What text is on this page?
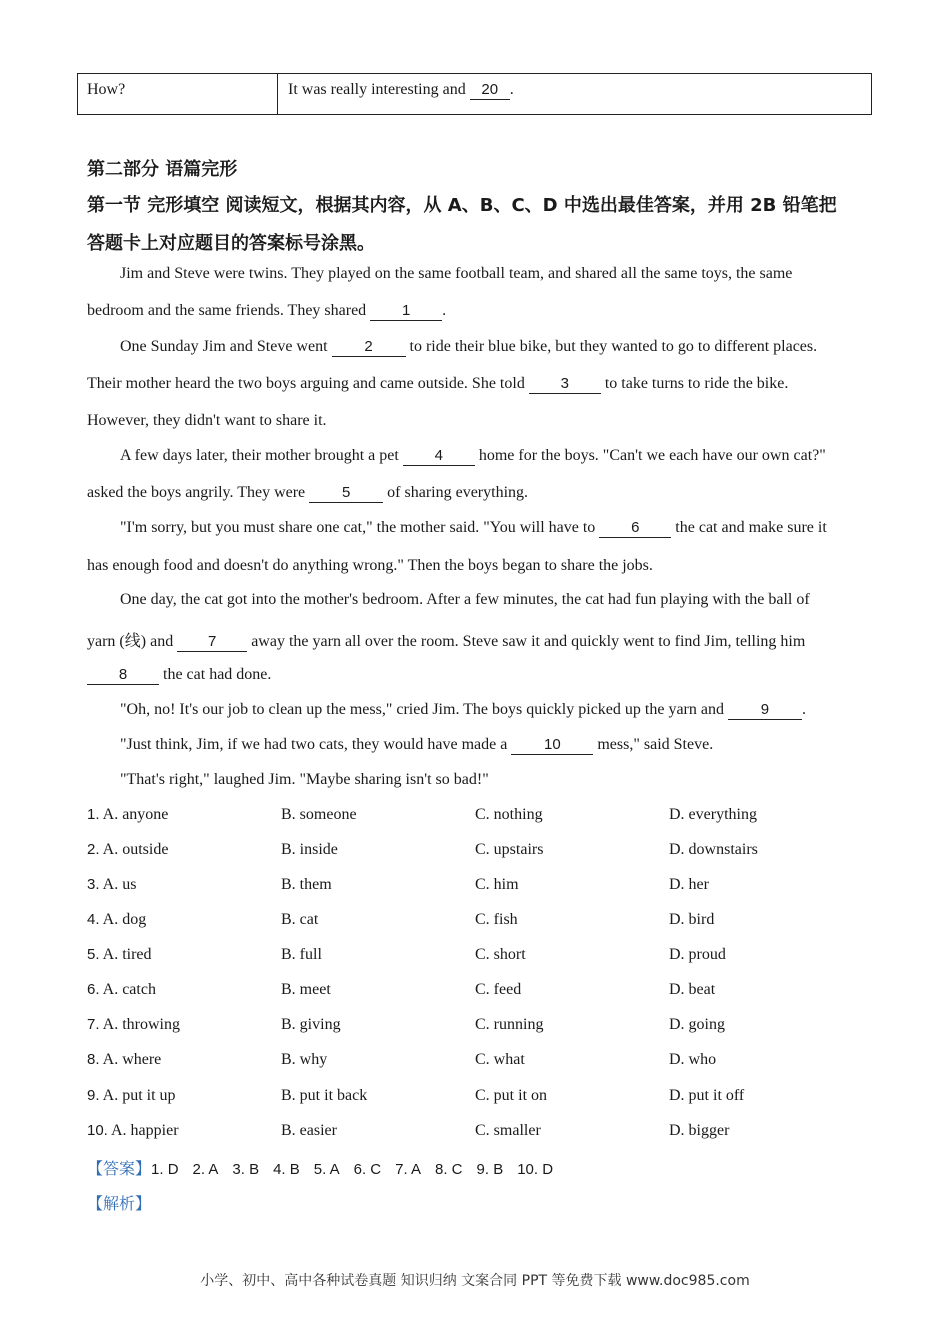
How?	It was really interesting and 20 .
第二部分 语篇完形
第一节 完形填空 阅读短文，根据其内容，从 A、B、C、D 中选出最佳答案，并用 2B 铅笔把
答题卡上对应题目的答案标号涂黑。
Jim and Steve were twins. They played on the same football team, and shared all the same toys, the same
bedroom and the same friends. They shared 1 .
One Sunday Jim and Steve went 2 to ride their blue bike, but they wanted to go to different places.
Their mother heard the two boys arguing and came outside. She told 3 to take turns to ride the bike.
However, they didn't want to share it.
A few days later, their mother brought a pet 4 home for the boys. "Can't we each have our own cat?"
asked the boys angrily. They were 5 of sharing everything.
"I'm sorry, but you must share one cat," the mother said. "You will have to 6 the cat and make sure it
has enough food and doesn't do anything wrong." Then the boys began to share the jobs.
One day, the cat got into the mother's bedroom. After a few minutes, the cat had fun playing with the ball of
yarn (线) and 7 away the yarn all over the room. Steve saw it and quickly went to find Jim, telling him
8 the cat had done.
"Oh, no! It's our job to clean up the mess," cried Jim. The boys quickly picked up the yarn and 9 .
"Just think, Jim, if we had two cats, they would have made a 10 mess," said Steve.
"That's right," laughed Jim. "Maybe sharing isn't so bad!"
1. A. anyone	B. someone	C. nothing	D. everything
2. A. outside	B. inside	C. upstairs	D. downstairs
3. A. us	B. them	C. him	D. her
4. A. dog	B. cat	C. fish	D. bird
5. A. tired	B. full	C. short	D. proud
6. A. catch	B. meet	C. feed	D. beat
7. A. throwing	B. giving	C. running	D. going
8. A. where	B. why	C. what	D. who
9. A. put it up	B. put it back	C. put it on	D. put it off
10. A. happier	B. easier	C. smaller	D. bigger
【答案】1. D 2. A 3. B 4. B 5. A 6. C 7. A 8. C 9. B 10. D
【解析】
小学、初中、高中各种试卷真题 知识归纳 文案合同 PPT 等免费下载 www.doc985.com
